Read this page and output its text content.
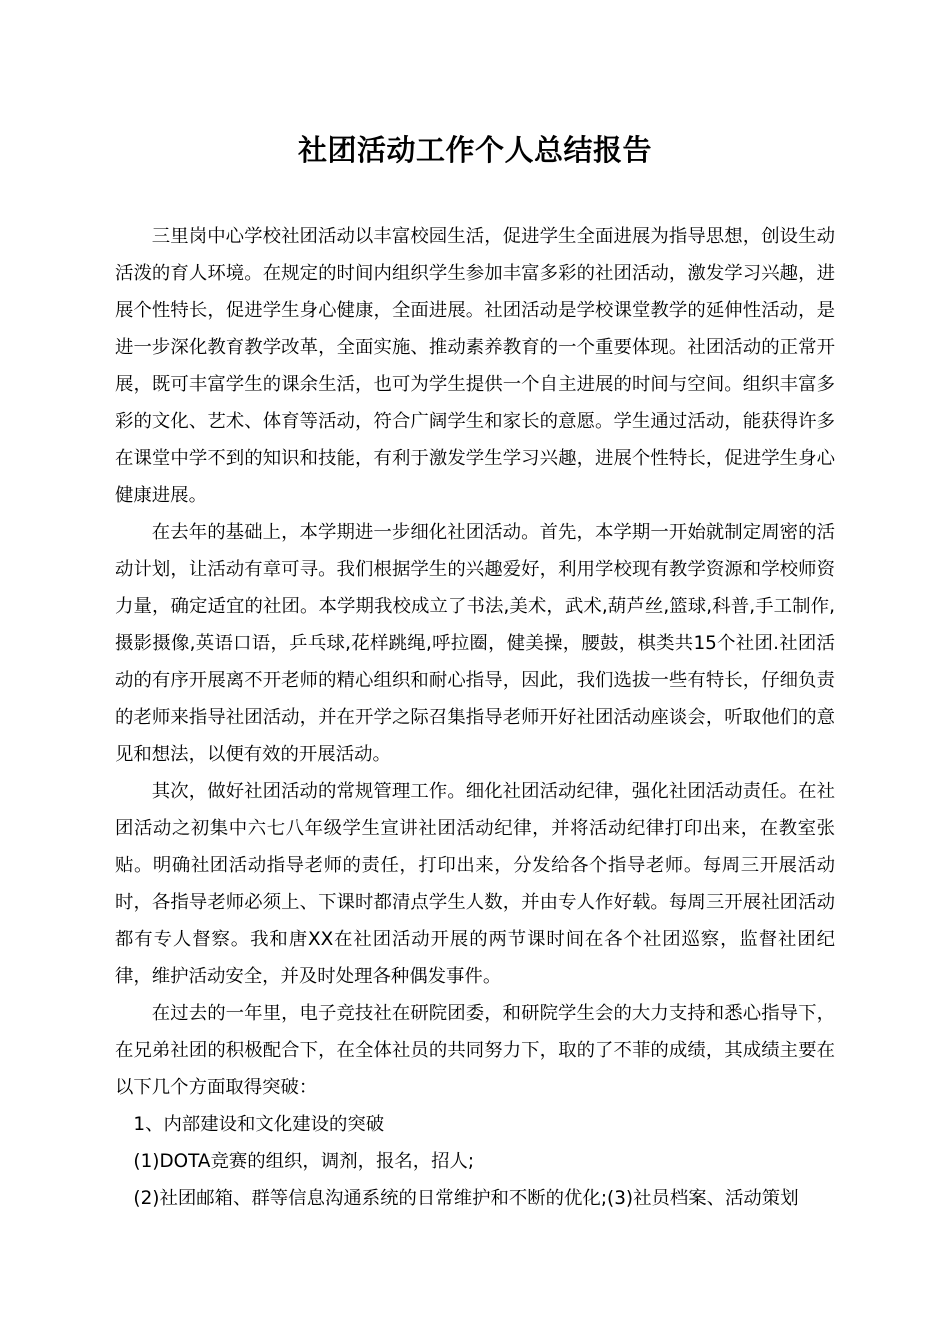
社团活动工作个人总结报告

三里岗中心学校社团活动以丰富校园生活，促进学生全面进展为指导思想，创设生动活泼的育人环境。在规定的时间内组织学生参加丰富多彩的社团活动，激发学习兴趣，进展个性特长，促进学生身心健康，全面进展。社团活动是学校课堂教学的延伸性活动，是进一步深化教育教学改革，全面实施、推动素养教育的一个重要体现。社团活动的正常开展，既可丰富学生的课余生活，也可为学生提供一个自主进展的时间与空间。组织丰富多彩的文化、艺术、体育等活动，符合广阔学生和家长的意愿。学生通过活动，能获得许多在课堂中学不到的知识和技能，有利于激发学生学习兴趣，进展个性特长，促进学生身心健康进展。

在去年的基础上，本学期进一步细化社团活动。首先，本学期一开始就制定周密的活动计划，让活动有章可寻。我们根据学生的兴趣爱好，利用学校现有教学资源和学校师资力量，确定适宜的社团。本学期我校成立了书法,美术，武术,葫芦丝,篮球,科普,手工制作,摄影摄像,英语口语，乒乓球,花样跳绳,呼拉圈，健美操，腰鼓，棋类共15个社团.社团活动的有序开展离不开老师的精心组织和耐心指导，因此，我们选拔一些有特长，仔细负责的老师来指导社团活动，并在开学之际召集指导老师开好社团活动座谈会，听取他们的意见和想法，以便有效的开展活动。

其次，做好社团活动的常规管理工作。细化社团活动纪律，强化社团活动责任。在社团活动之初集中六七八年级学生宣讲社团活动纪律，并将活动纪律打印出来，在教室张贴。明确社团活动指导老师的责任，打印出来，分发给各个指导老师。每周三开展活动时，各指导老师必须上、下课时都清点学生人数，并由专人作好载。每周三开展社团活动都有专人督察。我和唐XX在社团活动开展的两节课时间在各个社团巡察，监督社团纪律，维护活动安全，并及时处理各种偶发事件。

在过去的一年里，电子竞技社在研院团委，和研院学生会的大力支持和悉心指导下，在兄弟社团的积极配合下，在全体社员的共同努力下，取的了不菲的成绩，其成绩主要在以下几个方面取得突破：

1、内部建设和文化建设的突破

(1)DOTA竞赛的组织，调剂，报名，招人;

(2)社团邮箱、群等信息沟通系统的日常维护和不断的优化;(3)社员档案、活动策划
